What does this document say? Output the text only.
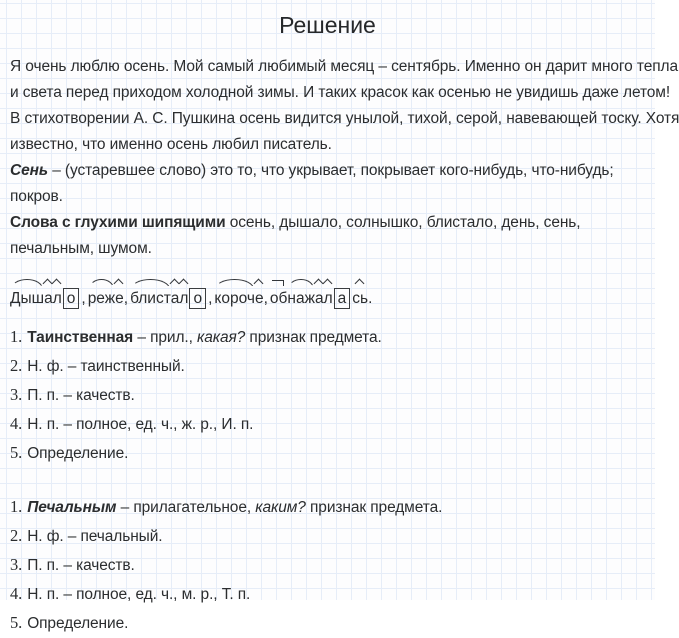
Решение

Я очень люблю осень. Мой самый любимый месяц – сентябрь. Именно он дарит много тепла
и света перед приходом холодной зимы. И таких красок как осенью не увидишь даже летом!
В стихотворении А. С. Пушкина осень видится унылой, тихой, серой, навевающей тоску. Хотя
известно, что именно осень любил писатель.

Сень – (устаревшее слово) это то, что укрывает, покрывает кого-нибудь, что-нибудь; покров.

Слова с глухими шипящими осень, дышало, солнышко, блистало, день, сень, печальным, шумом.

Дышал о ,реже,блистал о ,короче,обнажал а сь.

1. Таинственная – прил., какая? признак предмета.

2. Н. ф. – таинственный.

3. П. п. – качеств.

4. Н. п. – полное, ед. ч., ж. р., И. п.

5. Определение.

1. Печальным – прилагательное, каким? признак предмета.

2. Н. ф. – печальный.

3. П. п. – качеств.

4. Н. п. – полное, ед. ч., м. р., Т. п.

5. Определение.
